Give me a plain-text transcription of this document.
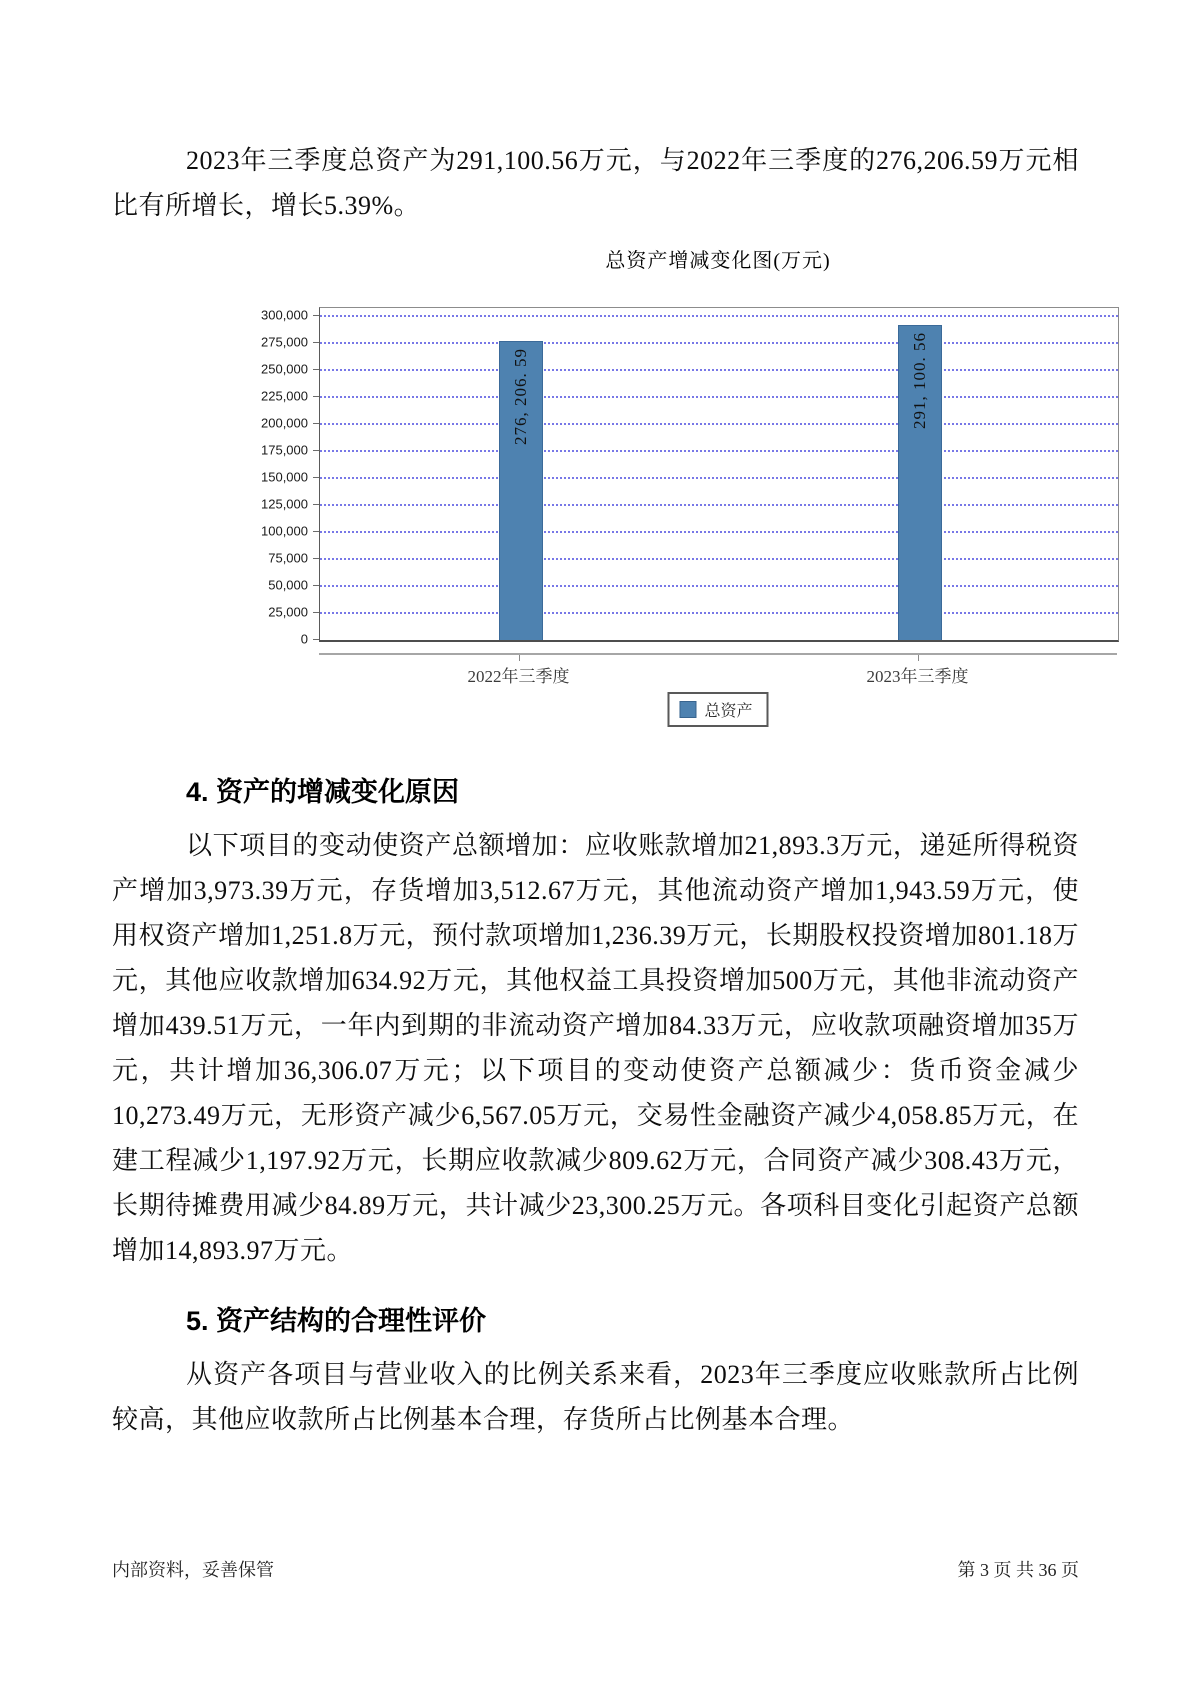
2023年三季度总资产为291,100.56万元，与2022年三季度的276,206.59万元相比有所增长，增长5.39%。

总资产增减变化图(万元)
276, 206. 59	291, 100. 56
总资产
300,000
275,000
250,000
225,000
200,000
175,000
150,000
125,000
100,000
75,000
50,000
25,000
0
2022年三季度	2023年三季度
4. 资产的增减变化原因

以下项目的变动使资产总额增加：应收账款增加21,893.3万元，递延所得税资产增加3,973.39万元，存货增加3,512.67万元，其他流动资产增加1,943.59万元，使用权资产增加1,251.8万元，预付款项增加1,236.39万元，长期股权投资增加801.18万元，其他应收款增加634.92万元，其他权益工具投资增加500万元，其他非流动资产增加439.51万元，一年内到期的非流动资产增加84.33万元，应收款项融资增加35万元，共计增加36,306.07万元；以下项目的变动使资产总额减少：货币资金减少10,273.49万元，无形资产减少6,567.05万元，交易性金融资产减少4,058.85万元，在建工程减少1,197.92万元，长期应收款减少809.62万元，合同资产减少308.43万元，长期待摊费用减少84.89万元，共计减少23,300.25万元。各项科目变化引起资产总额增加14,893.97万元。

5. 资产结构的合理性评价

从资产各项目与营业收入的比例关系来看，2023年三季度应收账款所占比例较高，其他应收款所占比例基本合理，存货所占比例基本合理。

内部资料，妥善保管	第 3 页 共 36 页
